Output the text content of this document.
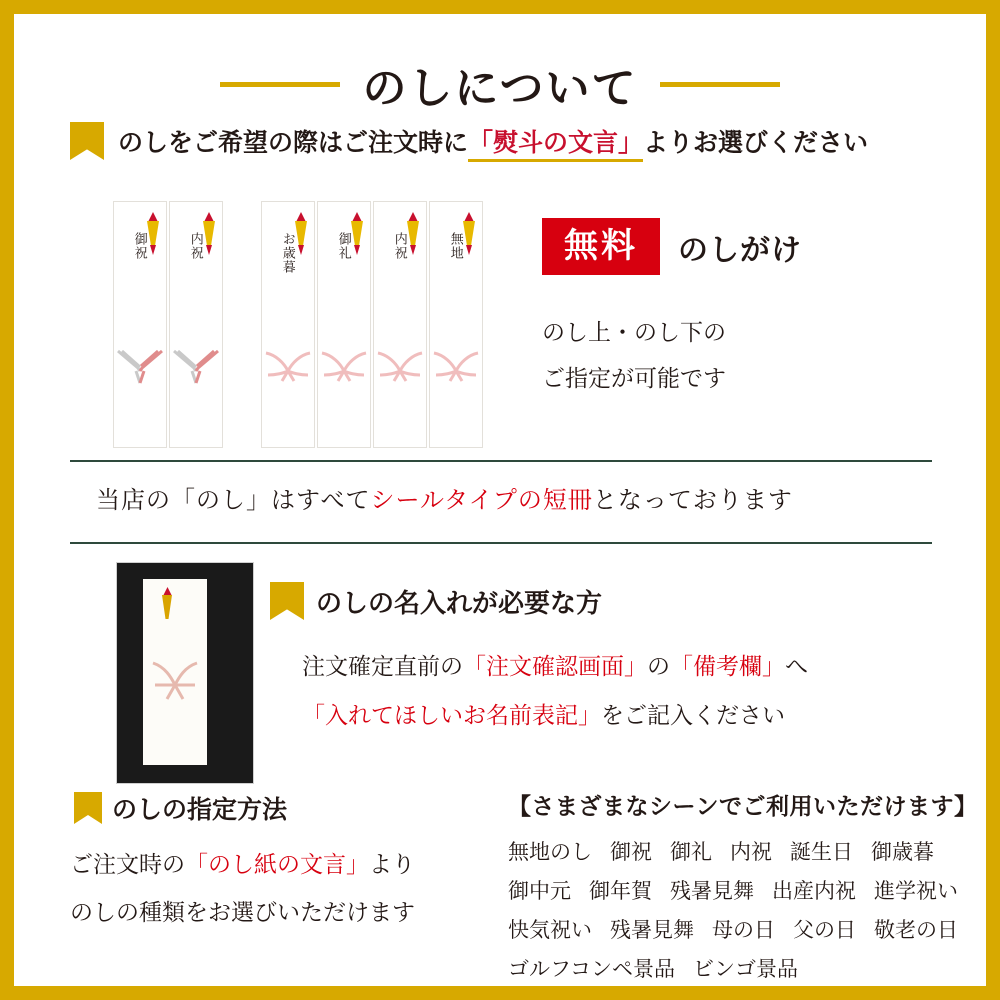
のしについて
のしをご希望の際はご注文時に「熨斗の文言」よりお選びください
御祝	内祝	お歳暮	御礼	内祝	無地	無料	のしがけ
のし上・のし下の
ご指定が可能です
当店の「のし」はすべてシールタイプの短冊となっております
のしの名入れが必要な方
注文確定直前の「注文確認画面」の「備考欄」へ
「入れてほしいお名前表記」をご記入ください
のしの指定方法
ご注文時の「のし紙の文言」より
のしの種類をお選びいただけます
【さまざまなシーンでご利用いただけます】
無地のし 御祝 御礼 内祝 誕生日 御歳暮
御中元 御年賀 残暑見舞 出産内祝 進学祝い
快気祝い 残暑見舞 母の日 父の日 敬老の日
ゴルフコンペ景品 ビンゴ景品
